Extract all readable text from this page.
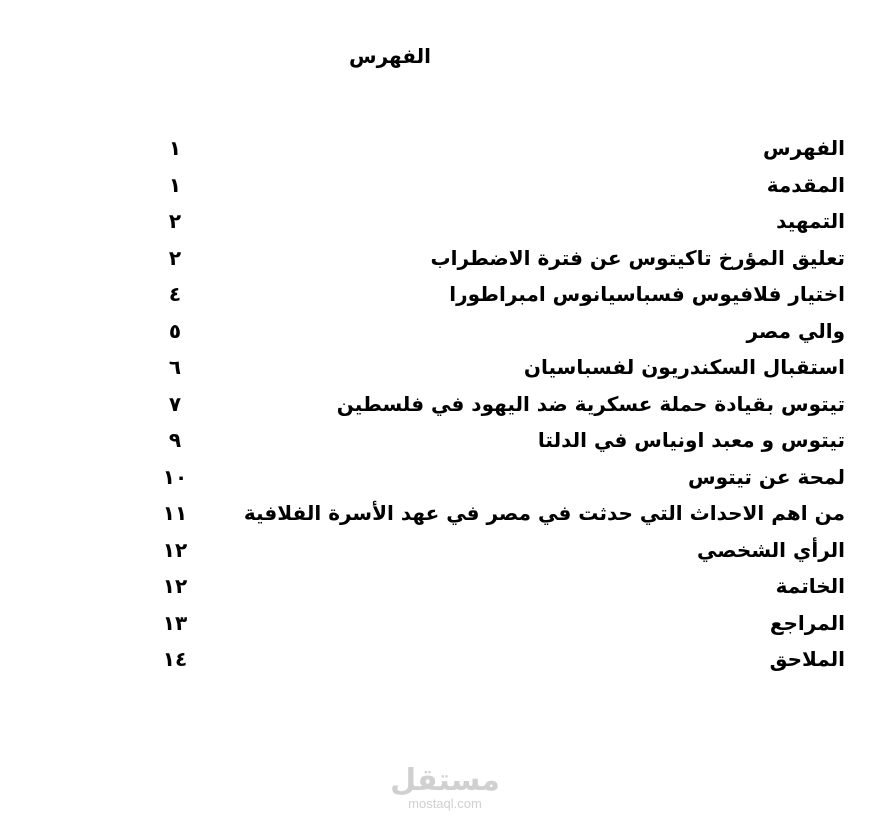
الفهرس
الفهرس
١
المقدمة
١
التمهيد
٢
تعليق المؤرخ تاكيتوس عن فترة الاضطراب
٢
اختيار فلافيوس فسباسيانوس امبراطورا
٤
والي مصر
٥
استقبال السكندريون لفسباسيان
٦
تيتوس بقيادة حملة عسكرية ضد اليهود في فلسطين
٧
تيتوس و معبد اونياس في الدلتا
٩
لمحة عن تيتوس
١٠
من اهم الاحداث التي حدثت في مصر في عهد الأسرة الفلافية
١١
الرأي الشخصي
١٢
الخاتمة
١٢
المراجع
١٣
الملاحق
١٤
مستقل
mostaql.com
